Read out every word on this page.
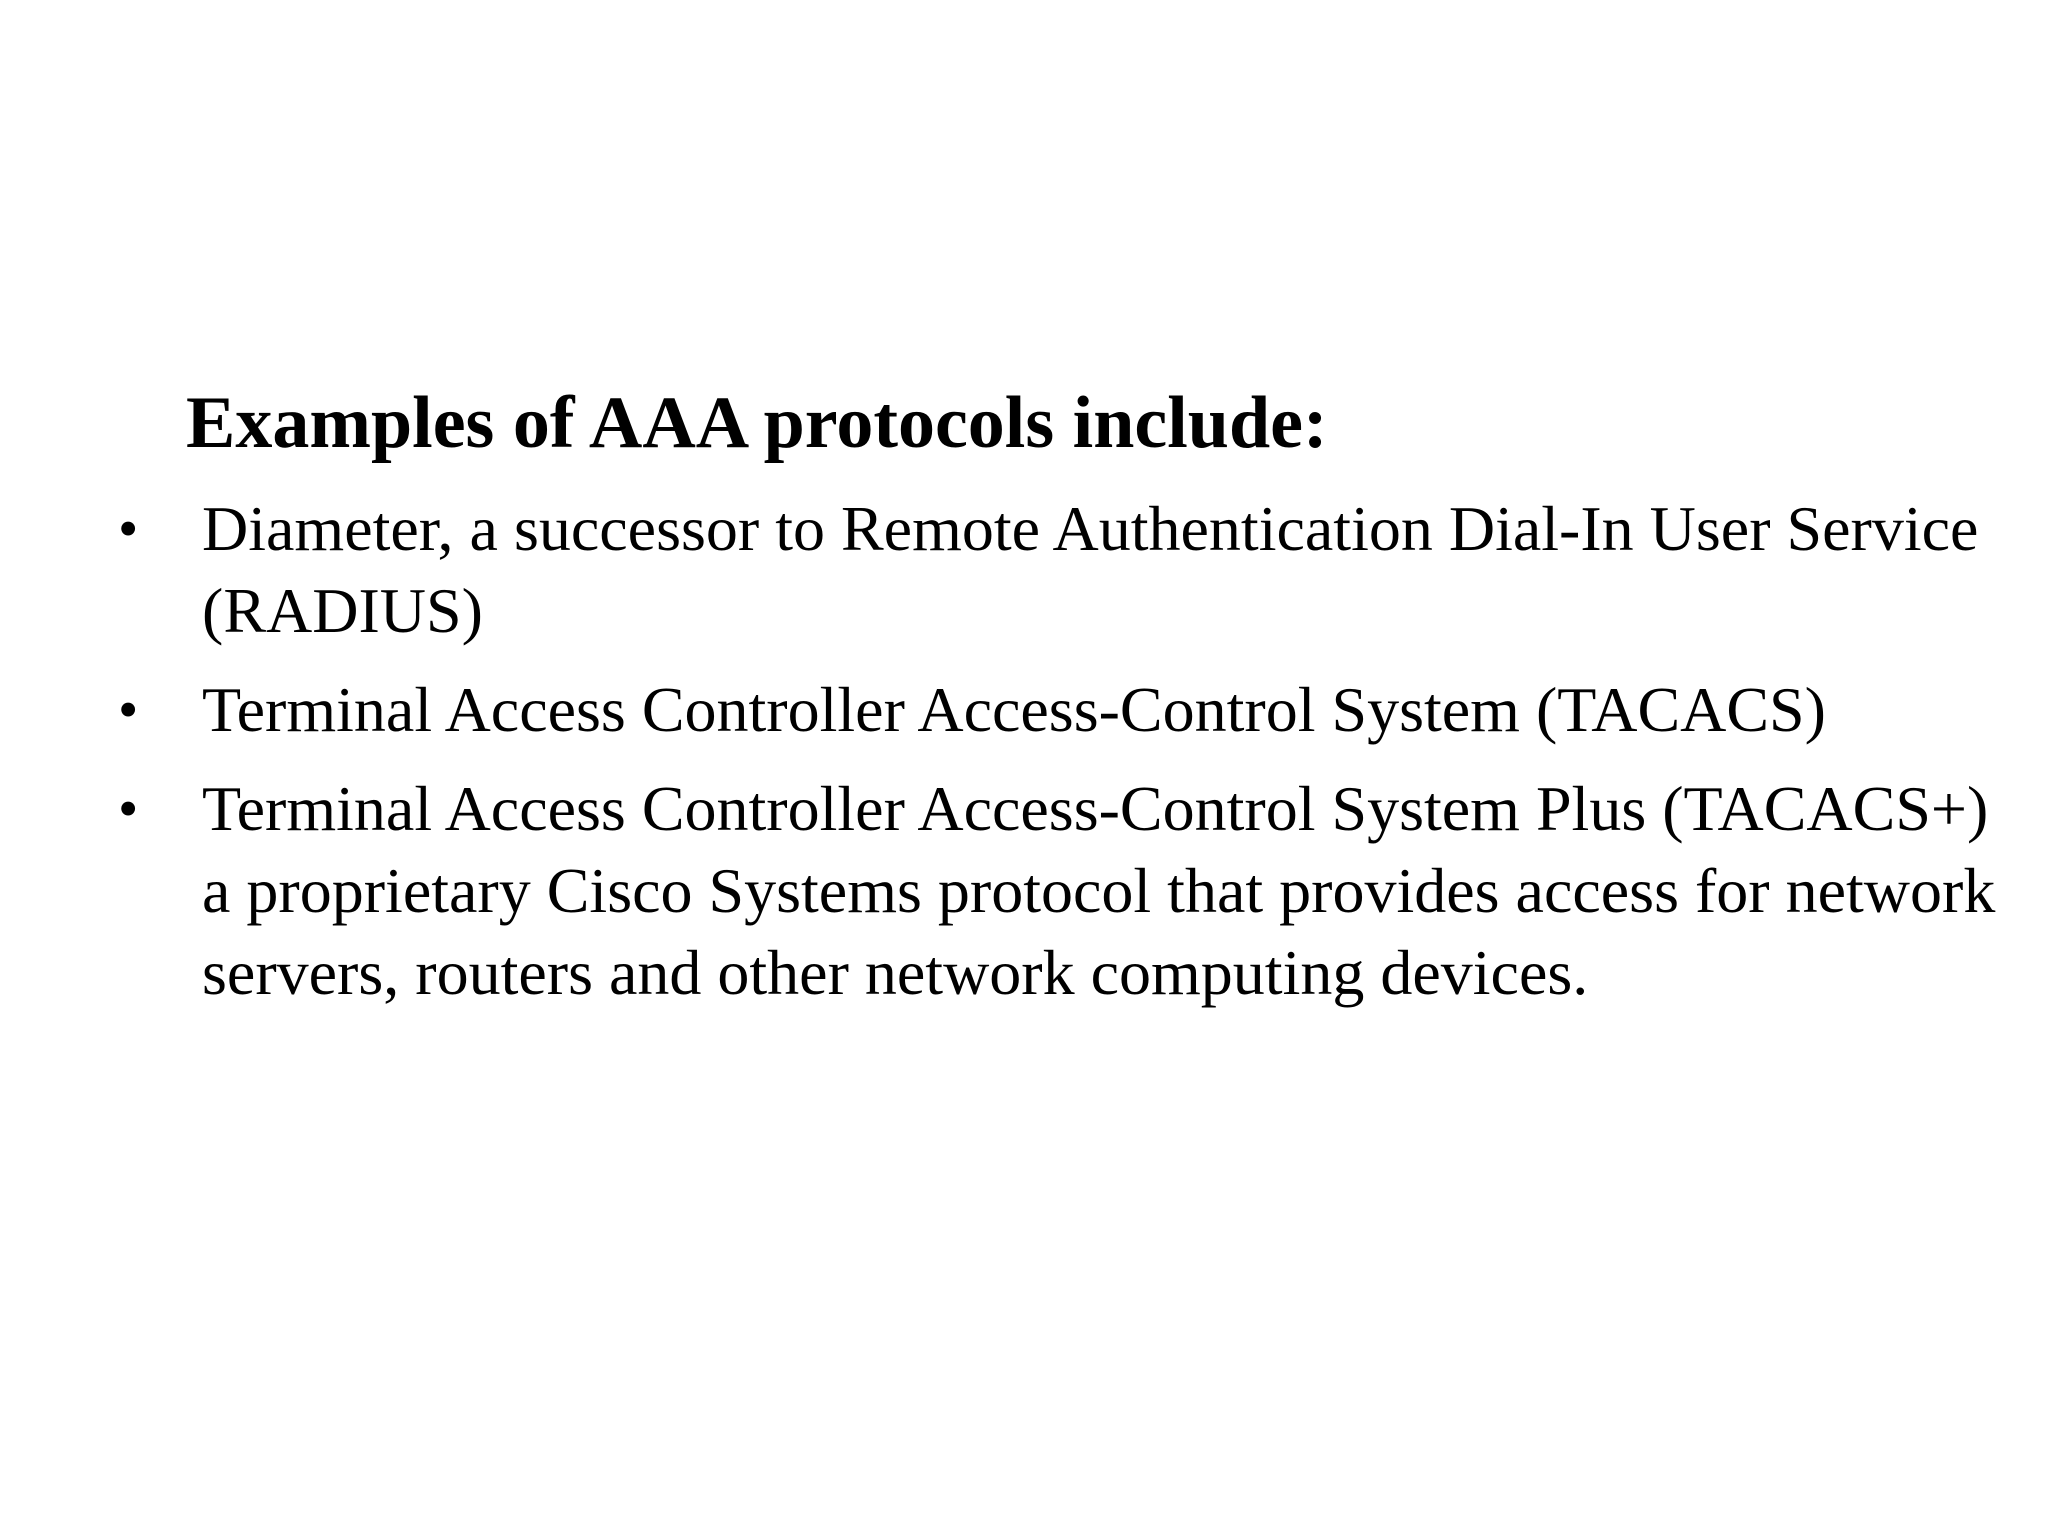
Examples of AAA protocols include:
• Diameter, a successor to Remote Authentication Dial-In User Service (RADIUS)
• Terminal Access Controller Access-Control System (TACACS)
• Terminal Access Controller Access-Control System Plus (TACACS+) a proprietary Cisco Systems protocol that provides access for network servers, routers and other network computing devices.
